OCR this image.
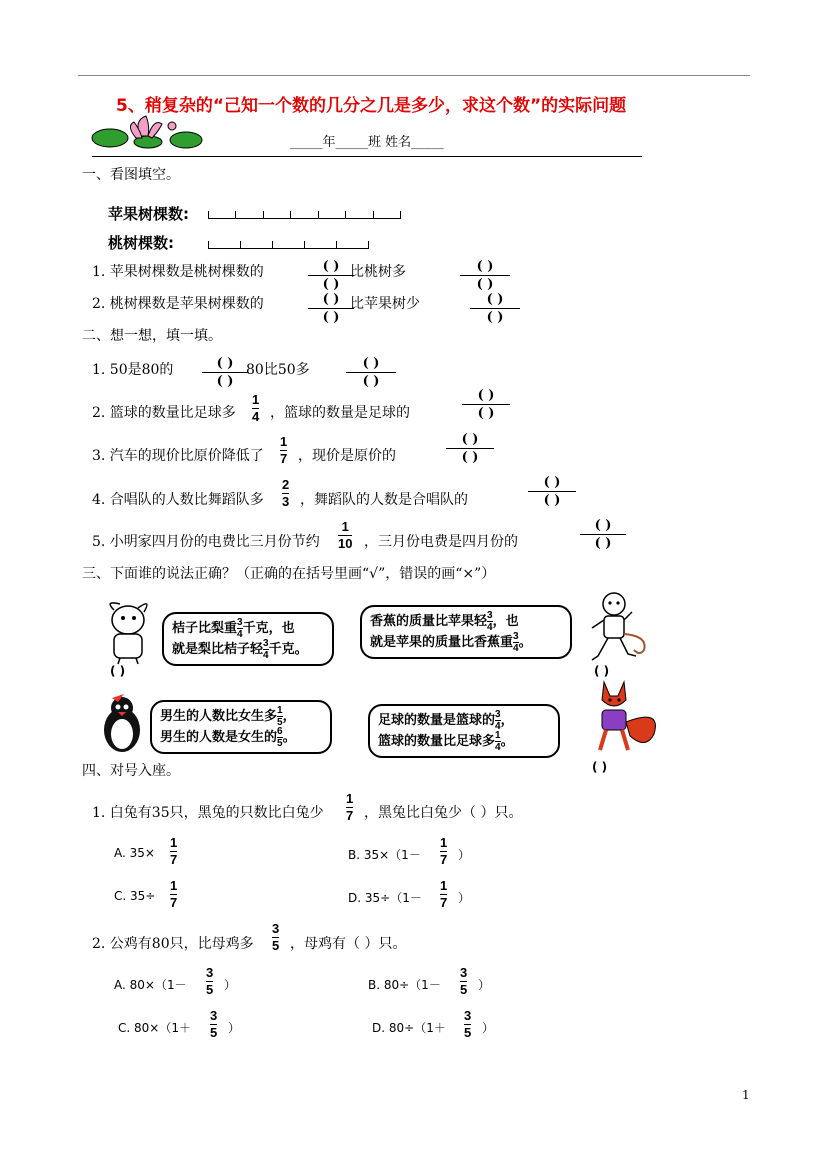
5、稍复杂的“己知一个数的几分之几是多少，求这个数”的实际问题
_____年_____班 姓名_____
一、看图填空。
苹果树棵数:
桃树棵数:
1. 苹果树棵数是桃树棵数的	( )
( )
比桃树多	( )
( )
2. 桃树棵数是苹果树棵数的	( )
( )
比苹果树少	( )
( )
二、想一想，填一填。
1. 50是80的	( )
( )
80比50多	( )
( )
2. 篮球的数量比足球多
1
4 ，篮球的数量是足球的
( )
( )
3. 汽车的现价比原价降低了
1
7 ，现价是原价的
( )
( )
4. 合唱队的人数比舞蹈队多
2
3 ，舞蹈队的人数是合唱队的
( )
( )
5. 小明家四月份的电费比三月份节约
1
10 ，三月份电费是四月份的
( )
( )
三、下面谁的说法正确？（正确的在括号里画“√”，错误的画“×”）
桔子比梨重 $\frac{3}{4}$ 千克，也
就是梨比桔子轻 $\frac{3}{4}$ 千克。
( )
香蕉的质量比苹果轻 $\frac{3}{4}$ ，也
就是苹果的质量比香蕉重 $\frac{3}{4}$ 。
( )
男生的人数比女生多 $\frac{1}{5}$ ，
男生的人数是女生的 $\frac{6}{5}$ 。
足球的数量是篮球的 $\frac{3}{4}$ ，
篮球的数量比足球多 $\frac{1}{4}$ 。
( )
四、对号入座。
1. 白兔有35只，黑兔的只数比白兔少
1
7 ，黑兔比白兔少（ ）只。
A. 35×
1
7	B. 35×（1－
1
7 ）
C. 35÷
1
7	D. 35÷（1－
1
7 ）
2. 公鸡有80只，比母鸡多
3
5 ，母鸡有（ ）只。
A. 80×（1－
3
5 ）	B. 80÷（1－
3
5 ）
C. 80×（1＋
3
5 ）	D. 80÷（1＋
3
5 ）
1
